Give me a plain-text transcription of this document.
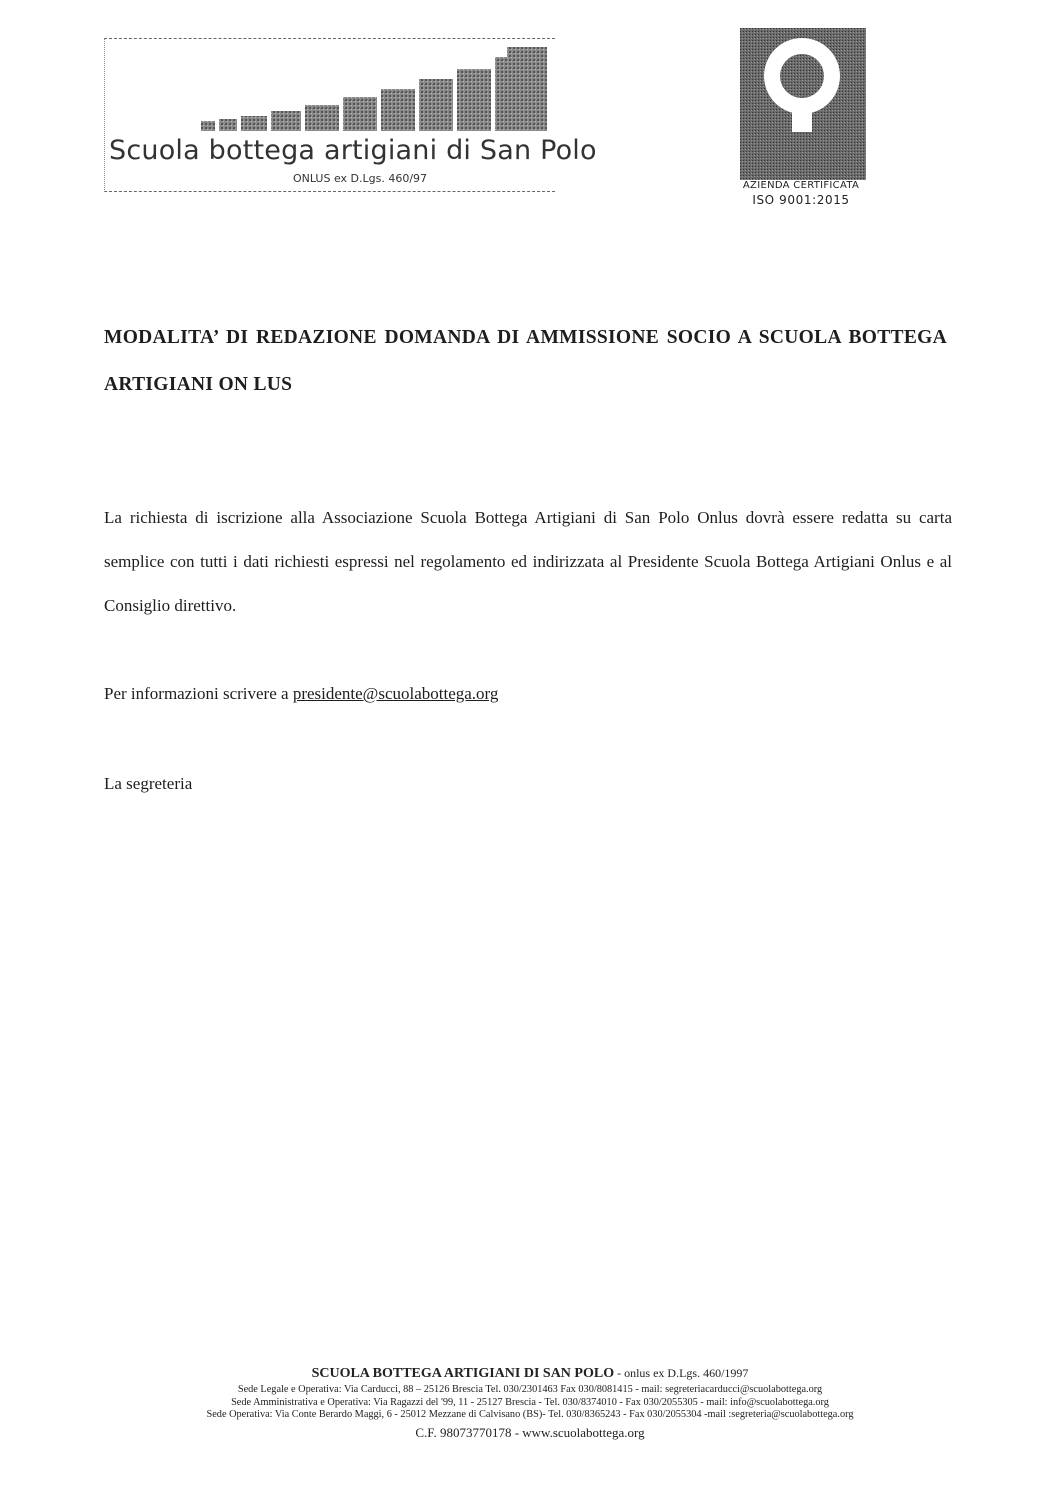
Scuola bottega artigiani di San Polo
ONLUS ex D.Lgs. 460/97
AZIENDA CERTIFICATA
ISO 9001:2015
MODALITA’ DI REDAZIONE DOMANDA DI AMMISSIONE SOCIO A SCUOLA BOTTEGA ARTIGIANI ON LUS

La richiesta di iscrizione alla Associazione Scuola Bottega Artigiani di San Polo Onlus dovrà essere redatta su carta semplice con tutti i dati richiesti espressi nel regolamento ed indirizzata al Presidente Scuola Bottega Artigiani Onlus e al Consiglio direttivo.

Per informazioni scrivere a presidente@scuolabottega.org

La segreteria

SCUOLA BOTTEGA ARTIGIANI DI SAN POLO - onlus ex D.Lgs. 460/1997
Sede Legale e Operativa: Via Carducci, 88 – 25126 Brescia Tel. 030/2301463 Fax 030/8081415 - mail: segreteriacarducci@scuolabottega.org
Sede Amministrativa e Operativa: Via Ragazzi del '99, 11 - 25127 Brescia - Tel. 030/8374010 - Fax 030/2055305 - mail: info@scuolabottega.org
Sede Operativa: Via Conte Berardo Maggi, 6 - 25012 Mezzane di Calvisano (BS)- Tel. 030/8365243 - Fax 030/2055304 -mail :segreteria@scuolabottega.org
C.F. 98073770178 - www.scuolabottega.org
